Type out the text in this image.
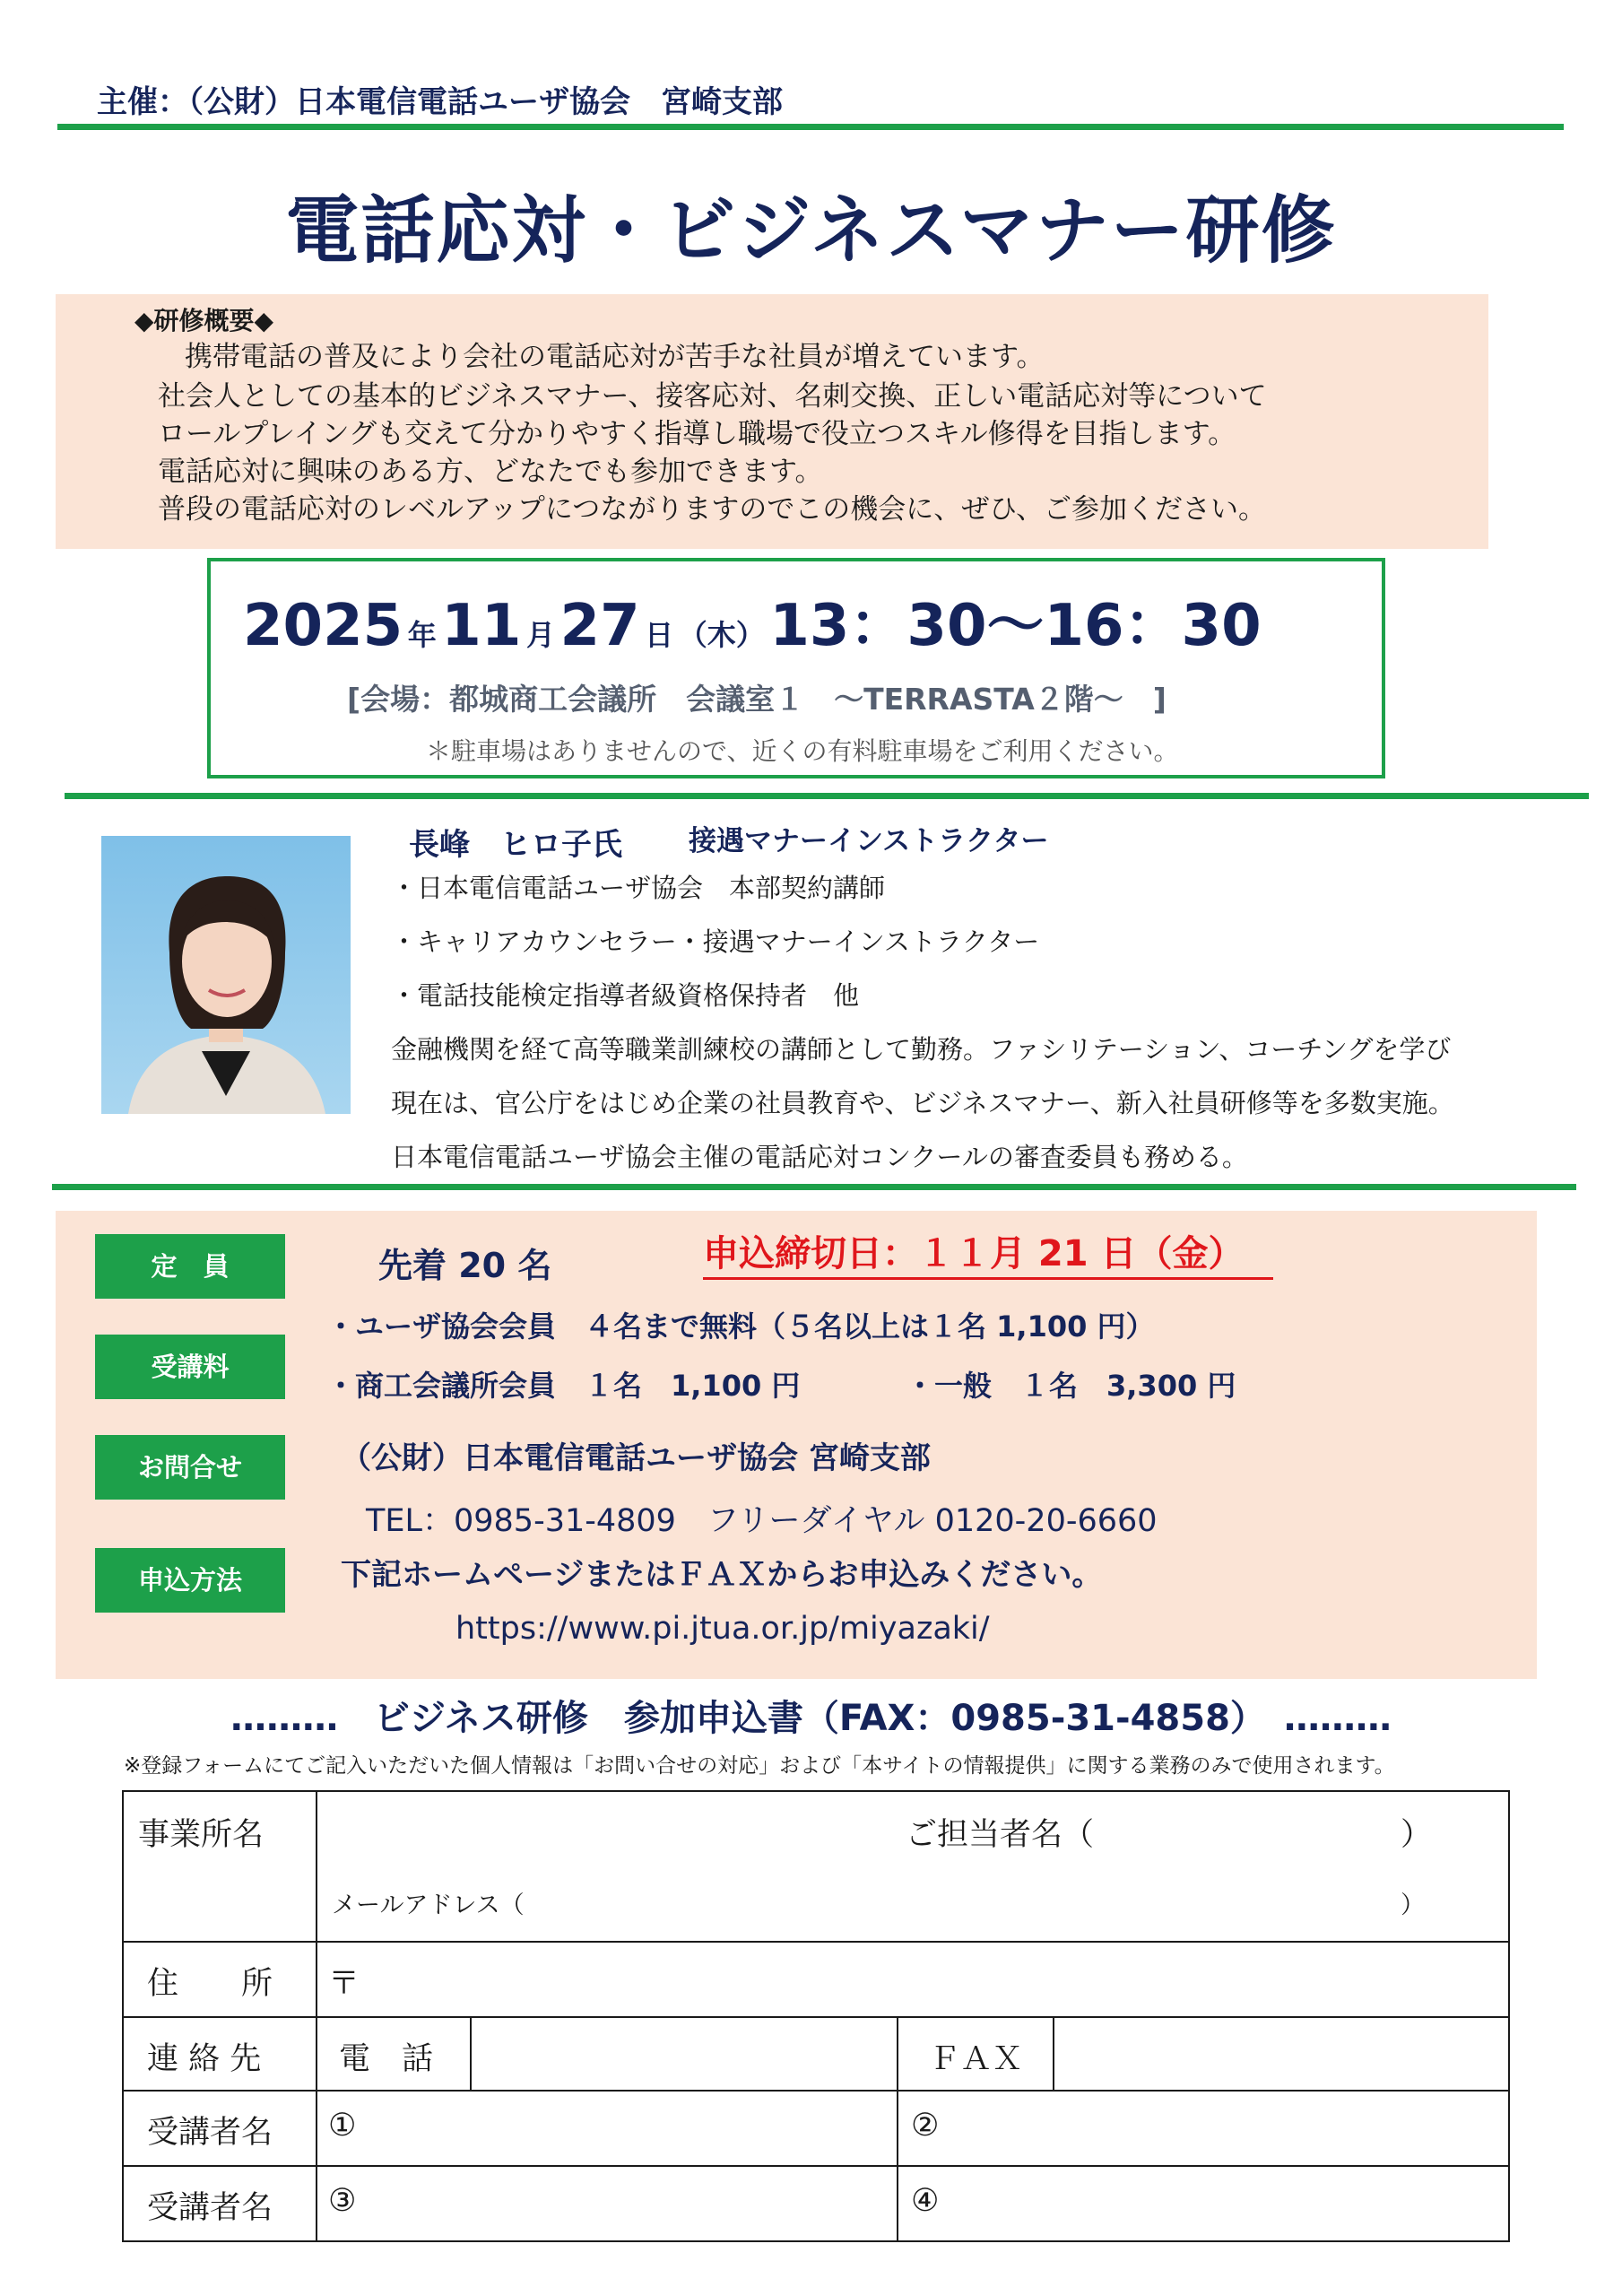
主催：（公財）日本電信電話ユーザ協会　宮崎支部
電話応対・ビジネスマナー研修
◆研修概要◆
携帯電話の普及により会社の電話応対が苦手な社員が増えています。
社会人としての基本的ビジネスマナー、接客応対、名刺交換、正しい電話応対等について
ロールプレイングも交えて分かりやすく指導し職場で役立つスキル修得を目指します。
電話応対に興味のある方、どなたでも参加できます。
普段の電話応対のレベルアップにつながりますのでこの機会に、ぜひ、ご参加ください。
2025 年 11 月 27 日 （木） 13：30〜16：30
[会場：都城商工会議所　会議室１　〜TERRASTA２階〜　]
＊駐車場はありませんので、近くの有料駐車場をご利用ください。
長峰　ヒロ子氏 接遇マナーインストラクター
・日本電信電話ユーザ協会　本部契約講師
・キャリアカウンセラー・接遇マナーインストラクター
・電話技能検定指導者級資格保持者　他
金融機関を経て高等職業訓練校の講師として勤務。ファシリテーション、コーチングを学び
現在は、官公庁をはじめ企業の社員教育や、ビジネスマナー、新入社員研修等を多数実施。
日本電信電話ユーザ協会主催の電話応対コンクールの審査委員も務める。
定　員	先着 20 名	申込締切日：１１月 21 日（金）
受講料
・ユーザ協会会員　４名まで無料（５名以上は１名 1,100 円）
・商工会議所会員　１名　1,100 円	・一般　１名　3,300 円
お問合せ	（公財）日本電信電話ユーザ協会 宮崎支部
TEL：0985-31-4809　フリーダイヤル 0120-20-6660
申込方法	下記ホームページまたはＦＡＸからお申込みください。
https://www.pi.jtua.or.jp/miyazaki/
………　ビジネス研修　参加申込書（FAX：0985-31-4858）　………
※登録フォームにてご記入いただいた個人情報は「お問い合せの対応」および「本サイトの情報提供」に関する業務のみで使用されます。
事業所名	ご担当者名（	）
メールアドレス（	）
住　　所 〒
連 絡 先 電　話	ＦＡＸ
受講者名 ①	②
受講者名 ③	④
